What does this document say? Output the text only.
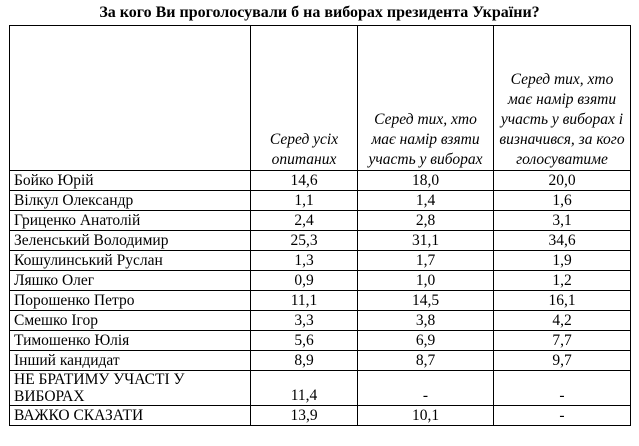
За кого Ви проголосували б на виборах президента України?
	Серед усіх опитаних	Серед тих, хто має намір взяти участь у виборах	Серед тих, хто має намір взяти участь у виборах і визначився, за кого голосуватиме
Бойко Юрій	14,6	18,0	20,0
Вілкул Олександр	1,1	1,4	1,6
Гриценко Анатолій	2,4	2,8	3,1
Зеленський Володимир	25,3	31,1	34,6
Кошулинський Руслан	1,3	1,7	1,9
Ляшко Олег	0,9	1,0	1,2
Порошенко Петро	11,1	14,5	16,1
Смешко Ігор	3,3	3,8	4,2
Тимошенко Юлія	5,6	6,9	7,7
Інший кандидат	8,9	8,7	9,7
НЕ БРАТИМУ УЧАСТІ У ВИБОРАХ	11,4	-	-
ВАЖКО СКАЗАТИ	13,9	10,1	-
